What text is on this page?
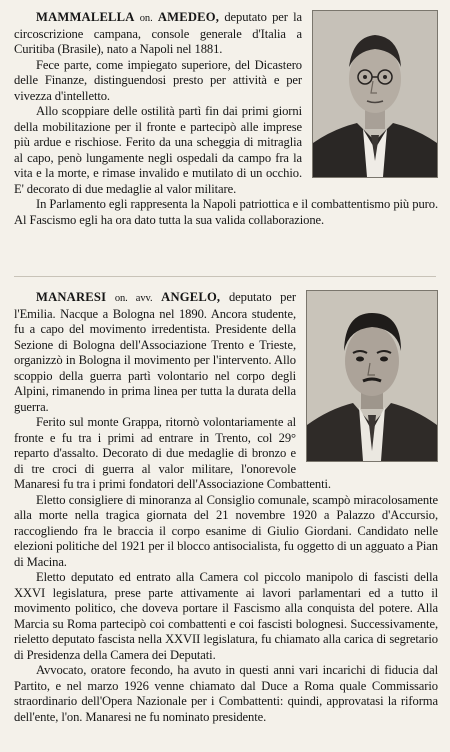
MAMMALELLA on. AMEDEO, deputato per la circoscrizione campana, console generale d'Italia a Curitiba (Brasile), nato a Napoli nel 1881.

Fece parte, come impiegato superiore, del Dicastero delle Finanze, distinguendosi presto per attività e per vivezza d'intelletto.

Allo scoppiare delle ostilità partì fin dai primi giorni della mobilitazione per il fronte e partecipò alle imprese più ardue e rischiose. Ferito da una scheggia di mitraglia al capo, penò lungamente negli ospedali da campo fra la vita e la morte, e rimase invalido e mutilato di un occhio. E' decorato di due medaglie al valor militare.

In Parlamento egli rappresenta la Napoli patriottica e il combattentismo più puro. Al Fascismo egli ha ora dato tutta la sua valida collaborazione.

MANARESI on. avv. ANGELO, deputato per l'Emilia. Nacque a Bologna nel 1890. Ancora studente, fu a capo del movimento irredentista. Presidente della Sezione di Bologna dell'Associazione Trento e Trieste, organizzò in Bologna il movimento per l'intervento. Allo scoppio della guerra partì volontario nel corpo degli Alpini, rimanendo in prima linea per tutta la durata della guerra.

Ferito sul monte Grappa, ritornò volontariamente al fronte e fu tra i primi ad entrare in Trento, col 29° reparto d'assalto. Decorato di due medaglie di bronzo e di tre croci di guerra al valor militare, l'onorevole Manaresi fu tra i primi fondatori dell'Associazione Combattenti.

Eletto consigliere di minoranza al Consiglio comunale, scampò miracolosamente alla morte nella tragica giornata del 21 novembre 1920 a Palazzo d'Accursio, raccogliendo fra le braccia il corpo esanime di Giulio Giordani. Candidato nelle elezioni politiche del 1921 per il blocco antisocialista, fu oggetto di un agguato a Pian di Macina.

Eletto deputato ed entrato alla Camera col piccolo manipolo di fascisti della XXVI legislatura, prese parte attivamente ai lavori parlamentari ed a tutto il movimento politico, che doveva portare il Fascismo alla conquista del potere. Alla Marcia su Roma partecipò coi combattenti e coi fascisti bolognesi. Successivamente, rieletto deputato fascista nella XXVII legislatura, fu chiamato alla carica di segretario di Presidenza della Camera dei Deputati.

Avvocato, oratore fecondo, ha avuto in questi anni vari incarichi di fiducia dal Partito, e nel marzo 1926 venne chiamato dal Duce a Roma quale Commissario straordinario dell'Opera Nazionale per i Combattenti: quindi, approvatasi la riforma dell'ente, l'on. Manaresi ne fu nominato presidente.
